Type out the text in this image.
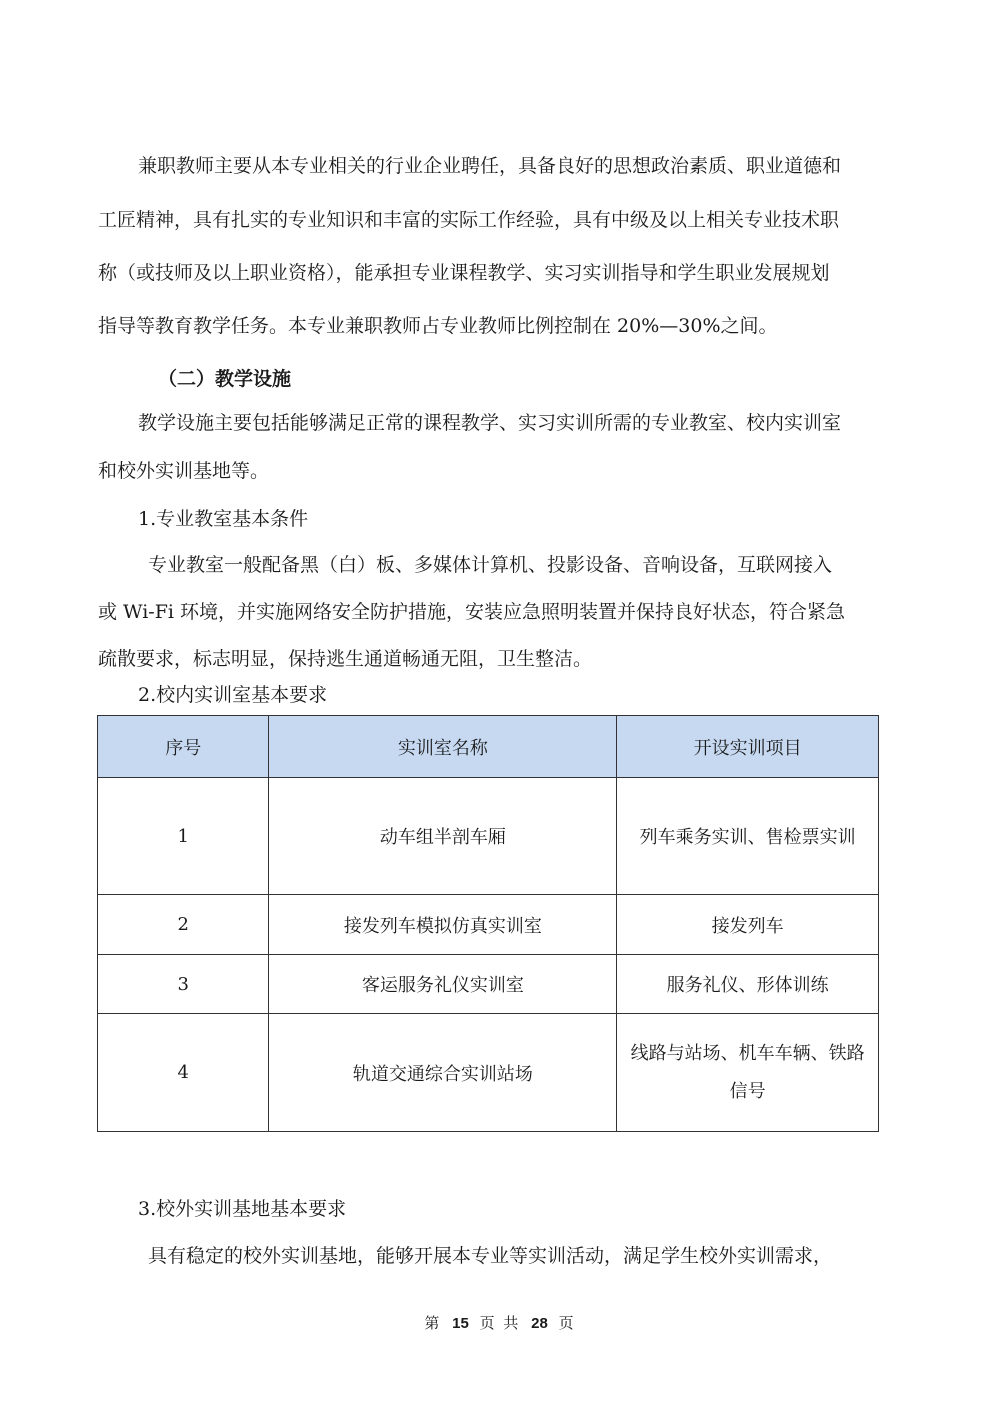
兼职教师主要从本专业相关的行业企业聘任，具备良好的思想政治素质、职业道德和
工匠精神，具有扎实的专业知识和丰富的实际工作经验，具有中级及以上相关专业技术职
称（或技师及以上职业资格），能承担专业课程教学、实习实训指导和学生职业发展规划
指导等教育教学任务。本专业兼职教师占专业教师比例控制在 20%—30%之间。
（二）教学设施
教学设施主要包括能够满足正常的课程教学、实习实训所需的专业教室、校内实训室
和校外实训基地等。
1.专业教室基本条件
专业教室一般配备黑（白）板、多媒体计算机、投影设备、音响设备，互联网接入
或 Wi-Fi 环境，并实施网络安全防护措施，安装应急照明装置并保持良好状态，符合紧急
疏散要求，标志明显，保持逃生通道畅通无阻，卫生整洁。
2.校内实训室基本要求
序号	实训室名称	开设实训项目
1	动车组半剖车厢	列车乘务实训、售检票实训
2	接发列车模拟仿真实训室	接发列车
3	客运服务礼仪实训室	服务礼仪、形体训练
4	轨道交通综合实训站场	线路与站场、机车车辆、铁路信号
3.校外实训基地基本要求
具有稳定的校外实训基地，能够开展本专业等实训活动，满足学生校外实训需求，
第 15 页 共 28 页
